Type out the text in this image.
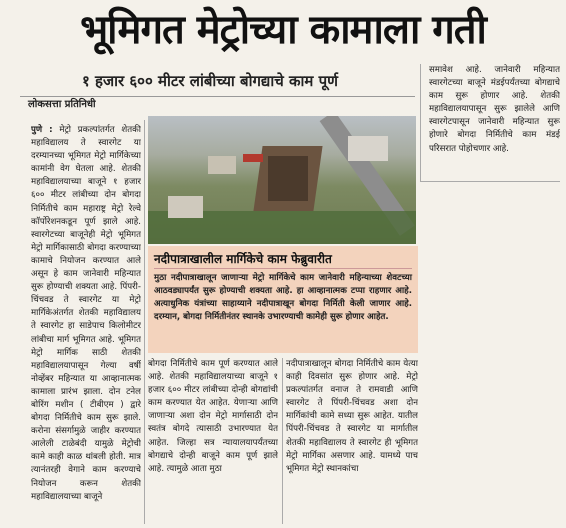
भूमिगत मेट्रोच्या कामाला गती
१ हजार ६०० मीटर लांबीच्या बोगद्याचे काम पूर्ण
लोकसत्ता प्रतिनिधी
पुणे : मेट्रो प्रकल्पांतर्गत शेतकी महाविद्यालय ते स्वारगेट या दरम्यानच्या भूमिगत मेट्रो मार्गिकेच्या कामांनी वेग घेतला आहे. शेतकी महाविद्यालयाच्या बाजूने १ हजार ६०० मीटर लांबीच्या दोन बोगदा निर्मितीचे काम महाराष्ट्र मेट्रो रेल्वे कॉर्पोरेशनकडून पूर्ण झाले आहे. स्वारगेटच्या बाजूनेही मेट्रो भूमिगत मेट्रो मार्गिकासाठी बोगदा करण्याच्या कामाचे नियोजन करण्यात आले असून हे काम जानेवारी महिन्यात सुरू होण्याची शक्यता आहे. पिंपरी-चिंचवड ते स्वारगेट या मेट्रो मार्गिकेअंतर्गत शेतकी महाविद्यालय ते स्वारगेट हा साडेपाच किलोमीटर लांबीचा मार्ग भूमिगत आहे. भूमिगत मेट्रो मार्गिक साठी शेतकी महाविद्यालयापासून गेल्या वर्षी नोव्हेंबर महिन्यात या आव्हानात्मक कामाला प्रारंभ झाला. दोन टनेल बोरिंग मशीन ( टीबीएम ) द्वारे बोगदा निर्मितीचे काम सुरू झाले. करोना संसर्गामुळे जाहीर करण्यात आलेली टाळेबंदी यामुळे मेट्रोची कामे काही काळ थांबली होती. मात्र त्यानंतरही वेगाने काम करण्याचे नियोजन करून शेतकी महाविद्यालयाच्या बाजूने
समावेश आहे. जानेवारी महिन्यात स्वारगेटच्या बाजूने मंडईपर्यंतच्या बोगद्याचे काम सुरू होणार आहे. शेतकी महाविद्यालयापासून सुरू झालेले आणि स्वारगेटपासून जानेवारी महिन्यात सुरू होणारे बोगदा निर्मितीचे काम मंडई परिसरात पोहोचणार आहे.
नदीपात्राखालील मार्गिकेचे काम फेब्रुवारीत
मुठा नदीपात्राखालून जाणाऱ्या मेट्रो मार्गिकेचे काम जानेवारी महिन्याच्या शेवटच्या आठवड्यापर्यंत सुरू होण्याची शक्यता आहे. हा आव्हानात्मक टप्पा राहणार आहे. अत्याधुनिक यंत्रांच्या साहाय्याने नदीपात्राखून बोगदा निर्मिती केली जाणार आहे. दरम्यान, बोगदा निर्मितीनंतर स्थानके उभारण्याची कामेही सुरू होणार आहेत.
बोगदा निर्मितीचे काम पूर्ण करण्यात आले आहे. शेतकी महाविद्यालयाच्या बाजूने १ हजार ६०० मीटर लांबीच्या दोन्ही बोगद्यांची काम करण्यात येत आहेत. येणाऱ्या आणि जाणाऱ्या अशा दोन मेट्रो मार्गासाठी दोन स्वतंत्र बोगदे त्यासाठी उभारण्यात येत आहेत. जिल्हा सत्र न्यायालयापर्यंतच्या बोगद्याचे दोन्ही बाजूने काम पूर्ण झाले आहे. त्यामुळे आता मुठा
नदीपात्राखालून बोगदा निर्मितीचे काम येत्या काही दिवसांत सुरू होणार आहे. मेट्रो प्रकल्पांतर्गत वनाज ते रामवाडी आणि स्वारगेट ते पिंपरी-चिंचवड अशा दोन मार्गिकांची कामे सध्या सुरू आहेत. यातील पिंपरी-चिंचवड ते स्वारगेट या मार्गातील शेतकी महाविद्यालय ते स्वारगेट ही भूमिगत मेट्रो मार्गिका असणार आहे. यामध्ये पाच भूमिगत मेट्रो स्थानकांचा
